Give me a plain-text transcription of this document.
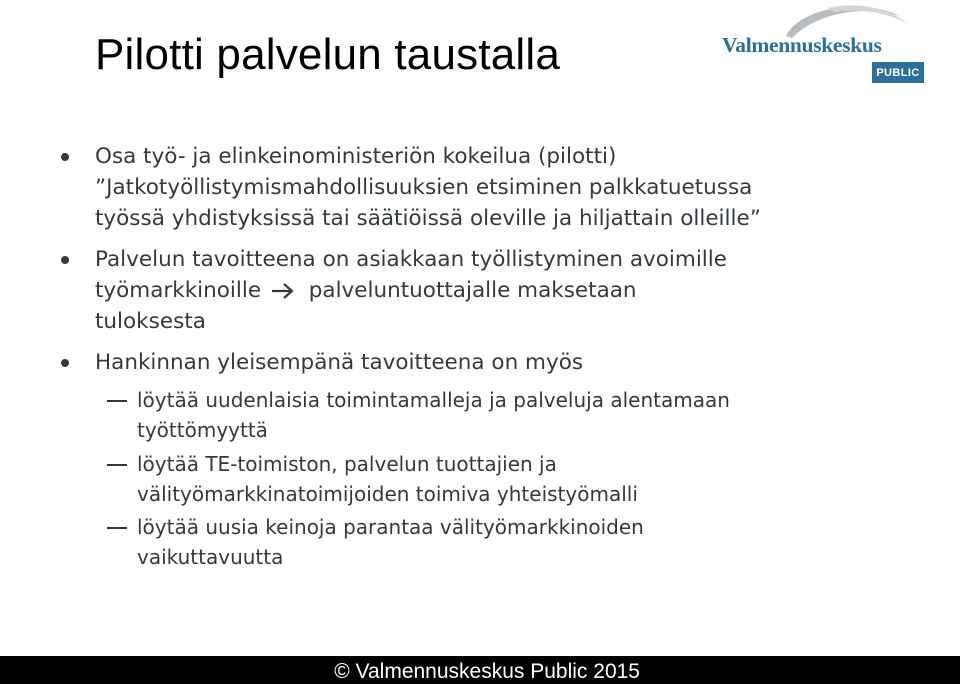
Pilotti palvelun taustalla	Valmennuskeskus
PUBLIC
Osa työ- ja elinkeinoministeriön kokeilua (pilotti)
”Jatkotyöllistymismahdollisuuksien etsiminen palkkatuetussa
työssä yhdistyksissä tai säätiöissä oleville ja hiljattain olleille”
Palvelun tavoitteena on asiakkaan työllistyminen avoimille
työmarkkinoille palveluntuottajalle maksetaan
tuloksesta
Hankinnan yleisempänä tavoitteena on myös
löytää uudenlaisia toimintamalleja ja palveluja alentamaan
työttömyyttä
löytää TE-toimiston, palvelun tuottajien ja
välityömarkkinatoimijoiden toimiva yhteistyömalli
löytää uusia keinoja parantaa välityömarkkinoiden
vaikuttavuutta
© Valmennuskeskus Public 2015
